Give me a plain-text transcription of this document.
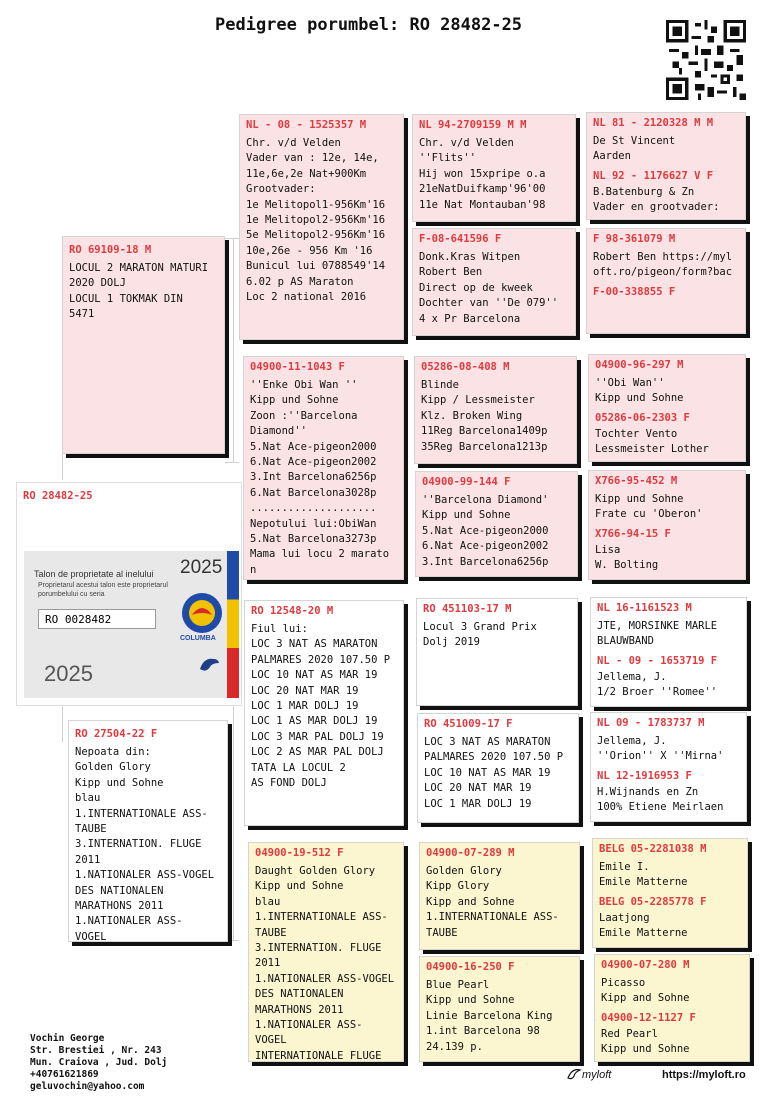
Pedigree porumbel: RO 28482-25
RO 28482-25
2025
Talon de proprietate al inelului
Proprietarul acestui talon este proprietarul porumbelului cu seria
RO 0028482
COLUMBA
2025
RO 69109-18 M
LOCUL 2 MARATON MATURI
2020 DOLJ
LOCUL 1 TOKMAK DIN
5471
RO 27504-22 F
Nepoata din:
Golden Glory
Kipp und Sohne
blau
1.INTERNATIONALE ASS-
TAUBE
3.INTERNATION. FLUGE
2011
1.NATIONALER ASS-VOGEL
DES NATIONALEN
MARATHONS 2011
1.NATIONALER ASS-
VOGEL
NL - 08 - 1525357 M
Chr. v/d Velden
Vader van : 12e, 14e,
11e,6e,2e Nat+900Km
Grootvader:
1e Melitopol1-956Km'16
1e Melitopol2-956Km'16
5e Melitopol2-956Km'16
10e,26e - 956 Km '16
Bunicul lui 0788549'14
6.02 p AS Maraton
Loc 2 national 2016
04900-11-1043 F
''Enke Obi Wan ''
Kipp und Sohne
Zoon :''Barcelona
Diamond''
5.Nat Ace-pigeon2000
6.Nat Ace-pigeon2002
3.Int Barcelona6256p
6.Nat Barcelona3028p
....................
Nepotului lui:ObiWan
5.Nat Barcelona3273p
Mama lui locu 2 marato
n
RO 12548-20 M
Fiul lui:
LOC 3 NAT AS MARATON
PALMARES 2020 107.50 P
LOC 10 NAT AS MAR 19
LOC 20 NAT MAR 19
LOC 1 MAR DOLJ 19
LOC 1 AS MAR DOLJ 19
LOC 3 MAR PAL DOLJ 19
LOC 2 AS MAR PAL DOLJ
TATA LA LOCUL 2
AS FOND DOLJ
04900-19-512 F
Daught Golden Glory
Kipp und Sohne
blau
1.INTERNATIONALE ASS-
TAUBE
3.INTERNATION. FLUGE
2011
1.NATIONALER ASS-VOGEL
DES NATIONALEN
MARATHONS 2011
1.NATIONALER ASS-
VOGEL
INTERNATIONALE FLUGE
NL 94-2709159 M M
Chr. v/d Velden
''Flits''
Hij won 15xpripe o.a
21eNatDuifkamp'96'00
11e Nat Montauban'98
F-08-641596 F
Donk.Kras Witpen
Robert Ben
Direct op de kweek
Dochter van ''De 079''
4 x Pr Barcelona
05286-08-408 M
Blinde
Kipp / Lessmeister
Klz. Broken Wing
11Reg Barcelona1409p
35Reg Barcelona1213p
04900-99-144 F
''Barcelona Diamond'
Kipp und Sohne
5.Nat Ace-pigeon2000
6.Nat Ace-pigeon2002
3.Int Barcelona6256p
RO 451103-17 M
Locul 3 Grand Prix
Dolj 2019
RO 451009-17 F
LOC 3 NAT AS MARATON
PALMARES 2020 107.50 P
LOC 10 NAT AS MAR 19
LOC 20 NAT MAR 19
LOC 1 MAR DOLJ 19
04900-07-289 M
Golden Glory
Kipp Glory
Kipp and Sohne
1.INTERNATIONALE ASS-
TAUBE
04900-16-250 F
Blue Pearl
Kipp und Sohne
Linie Barcelona King
1.int Barcelona 98
24.139 p.
NL 81 - 2120328 M M
De St Vincent
Aarden
NL 92 - 1176627 V F
B.Batenburg & Zn
Vader en grootvader:
F 98-361079 M
Robert Ben https://myl
oft.ro/pigeon/form?bac
F-00-338855 F
04900-96-297 M
''Obi Wan''
Kipp und Sohne
05286-06-2303 F
Tochter Vento
Lessmeister Lother
X766-95-452 M
Kipp und Sohne
Frate cu 'Oberon'
X766-94-15 F
Lisa
W. Bolting
NL 16-1161523 M
JTE, MORSINKE MARLE
BLAUWBAND
NL - 09 - 1653719 F
Jellema, J.
1/2 Broer ''Romee''
NL 09 - 1783737 M
Jellema, J.
''Orion'' X ''Mirna'
NL 12-1916953 F
H.Wijnands en Zn
100% Etiene Meirlaen
BELG 05-2281038 M
Emile I.
Emile Matterne
BELG 05-2285778 F
Laatjong
Emile Matterne
04900-07-280 M
Picasso
Kipp and Sohne
04900-12-1127 F
Red Pearl
Kipp und Sohne
Vochin George
Str. Brestiei , Nr. 243
Mun. Craiova , Jud. Dolj
+40761621869
geluvochin@yahoo.com
myloft	https://myloft.ro
